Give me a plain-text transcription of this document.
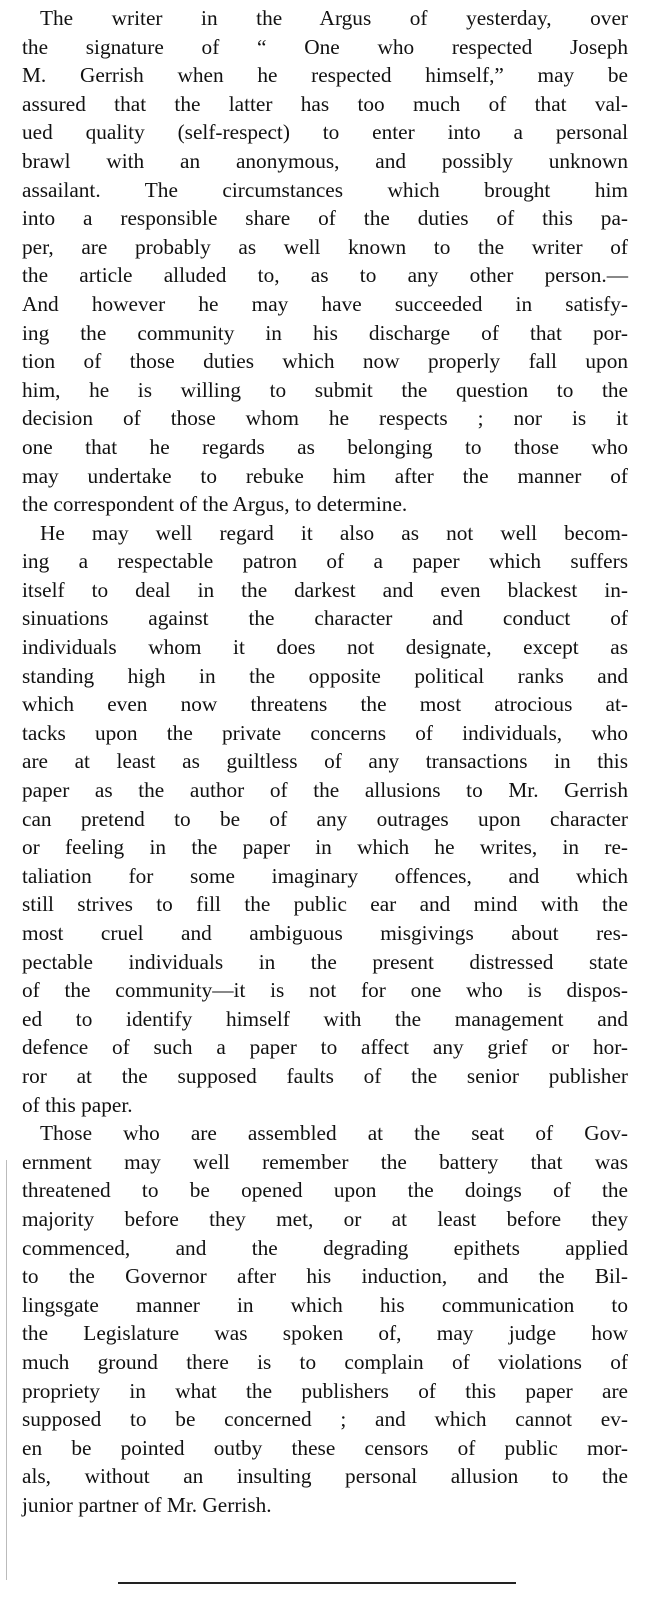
The writer in the Argus of yesterday, over
the signature of “ One who respected Joseph
M. Gerrish when he respected himself,” may be
assured that the latter has too much of that val-
ued quality (self-respect) to enter into a personal
brawl with an anonymous, and possibly unknown
assailant. The circumstances which brought him
into a responsible share of the duties of this pa-
per, are probably as well known to the writer of
the article alluded to, as to any other person.—
And however he may have succeeded in satisfy-
ing the community in his discharge of that por-
tion of those duties which now properly fall upon
him, he is willing to submit the question to the
decision of those whom he respects ; nor is it
one that he regards as belonging to those who
may undertake to rebuke him after the manner of
the correspondent of the Argus, to determine.
He may well regard it also as not well becom-
ing a respectable patron of a paper which suffers
itself to deal in the darkest and even blackest in-
sinuations against the character and conduct of
individuals whom it does not designate, except as
standing high in the opposite political ranks and
which even now threatens the most atrocious at-
tacks upon the private concerns of individuals, who
are at least as guiltless of any transactions in this
paper as the author of the allusions to Mr. Gerrish
can pretend to be of any outrages upon character
or feeling in the paper in which he writes, in re-
taliation for some imaginary offences, and which
still strives to fill the public ear and mind with the
most cruel and ambiguous misgivings about res-
pectable individuals in the present distressed state
of the community—it is not for one who is dispos-
ed to identify himself with the management and
defence of such a paper to affect any grief or hor-
ror at the supposed faults of the senior publisher
of this paper.
Those who are assembled at the seat of Gov-
ernment may well remember the battery that was
threatened to be opened upon the doings of the
majority before they met, or at least before they
commenced, and the degrading epithets applied
to the Governor after his induction, and the Bil-
lingsgate manner in which his communication to
the Legislature was spoken of, may judge how
much ground there is to complain of violations of
propriety in what the publishers of this paper are
supposed to be concerned ; and which cannot ev-
en be pointed outby these censors of public mor-
als, without an insulting personal allusion to the
junior partner of Mr. Gerrish.
